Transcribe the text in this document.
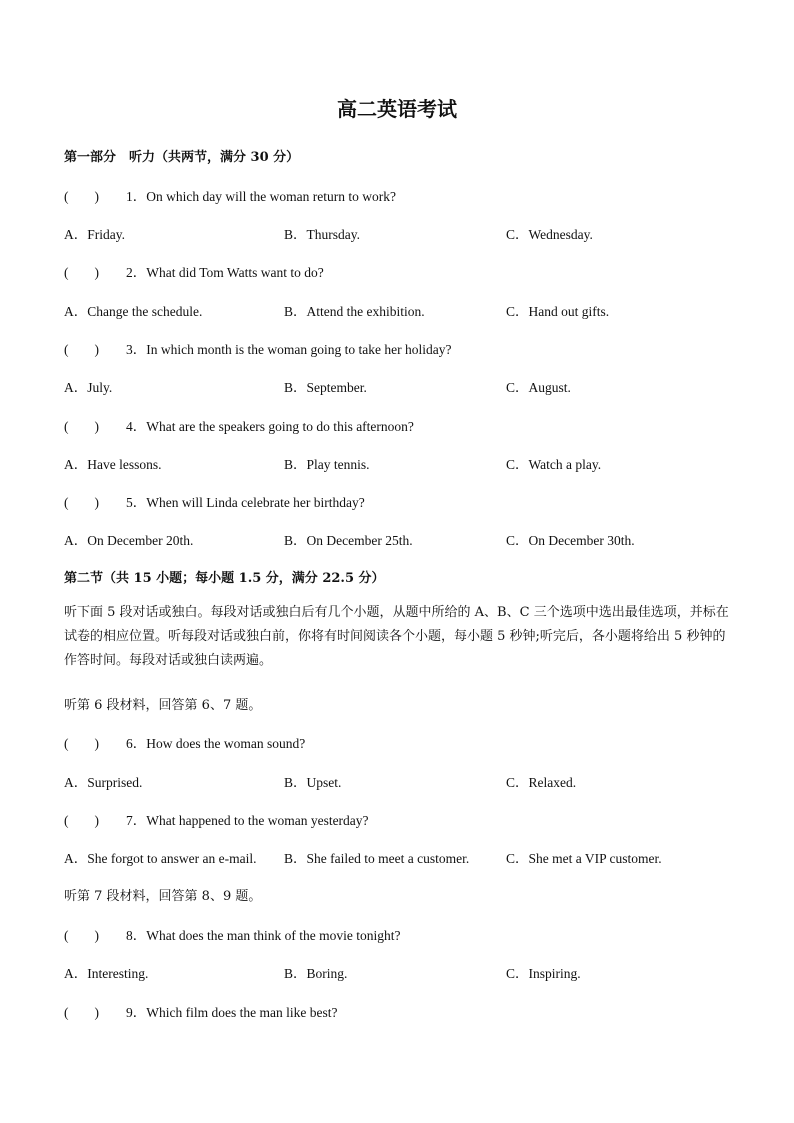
高二英语考试
第一部分　听力（共两节，满分 30 分）
( )1．On which day will the woman return to work?
A．Friday.	B．Thursday.	C．Wednesday.
( )2．What did Tom Watts want to do?
A．Change the schedule.	B．Attend the exhibition.	C．Hand out gifts.
( )3．In which month is the woman going to take her holiday?
A．July.	B．September.	C．August.
( )4．What are the speakers going to do this afternoon?
A．Have lessons.	B．Play tennis.	C．Watch a play.
( )5．When will Linda celebrate her birthday?
A．On December 20th.	B．On December 25th.	C．On December 30th.
第二节（共 15 小题；每小题 1.5 分，满分 22.5 分）
听下面 5 段对话或独白。每段对话或独白后有几个小题，从题中所给的 A、B、C 三个选项中选出最佳选项，并标在试卷的相应位置。听每段对话或独白前，你将有时间阅读各个小题，每小题 5 秒钟;听完后，各小题将给出 5 秒钟的作答时间。每段对话或独白读两遍。
听第 6 段材料，回答第 6、7 题。
( )6．How does the woman sound?
A．Surprised.	B．Upset.	C．Relaxed.
( )7．What happened to the woman yesterday?
A．She forgot to answer an e-mail. B．She failed to meet a customer.	C．She met a VIP customer.
听第 7 段材料，回答第 8、9 题。
( )8．What does the man think of the movie tonight?
A．Interesting.	B．Boring.	C．Inspiring.
( )9．Which film does the man like best?
